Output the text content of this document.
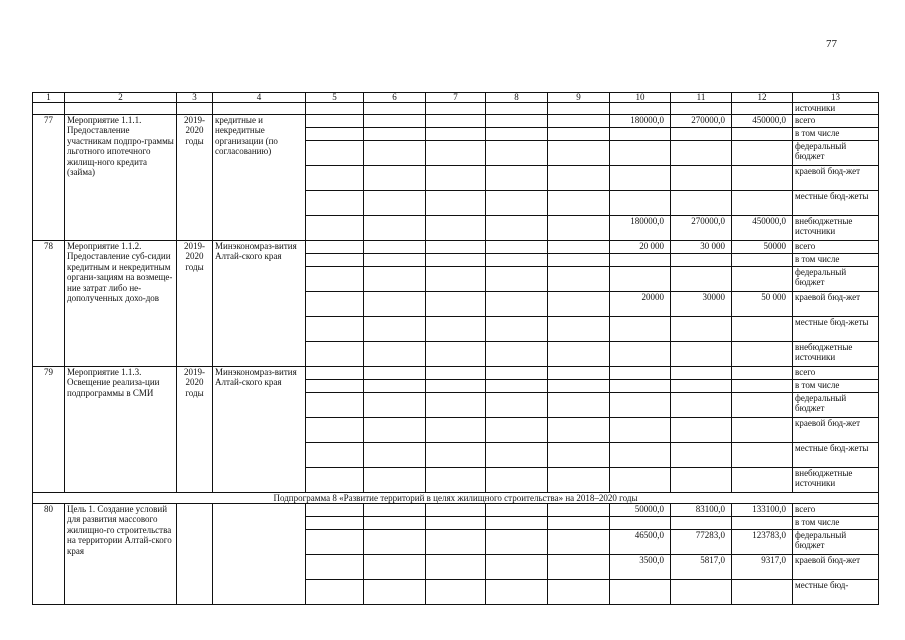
77
1	2	3	4	5	6	7	8	9	10	11	12	13
												источники
77	Мероприятие 1.1.1. Предоставление участникам подпро-граммы льготного ипотечного жилищ-ного кредита (займа)	2019-2020 годы	кредитные и некредитные организации (по согласованию)						180000,0	270000,0	450000,0	всего
												в том числе
												федеральный бюджет
												краевой бюд-жет
												местные бюд-жеты
									180000,0	270000,0	450000,0	внебюджетные источники
78	Мероприятие 1.1.2. Предоставление суб-сидии кредитным и некредитным органи-зациям на возмеще-ние затрат либо не-дополученных дохо-дов	2019-2020 годы	Минэкономраз-вития Алтай-ского края						20 000	30 000	50000	всего
												в том числе
												федеральный бюджет
									20000	30000	50 000	краевой бюд-жет
												местные бюд-жеты
												внебюджетные источники
79	Мероприятие 1.1.3. Освещение реализа-ции подпрограммы в СМИ	2019-2020 годы	Минэкономраз-вития Алтай-ского края									всего
												в том числе
												федеральный бюджет
												краевой бюд-жет
												местные бюд-жеты
												внебюджетные источники
Подпрограмма 8 «Развитие территорий в целях жилищного строительства» на 2018–2020 годы												
80	Цель 1. Создание условий для развития массового жилищно-го строительства на территории Алтай-ского края								50000,0	83100,0	133100,0	всего
												в том числе
									46500,0	77283,0	123783,0	федеральный бюджет
									3500,0	5817,0	9317,0	краевой бюд-жет
												местные бюд-
